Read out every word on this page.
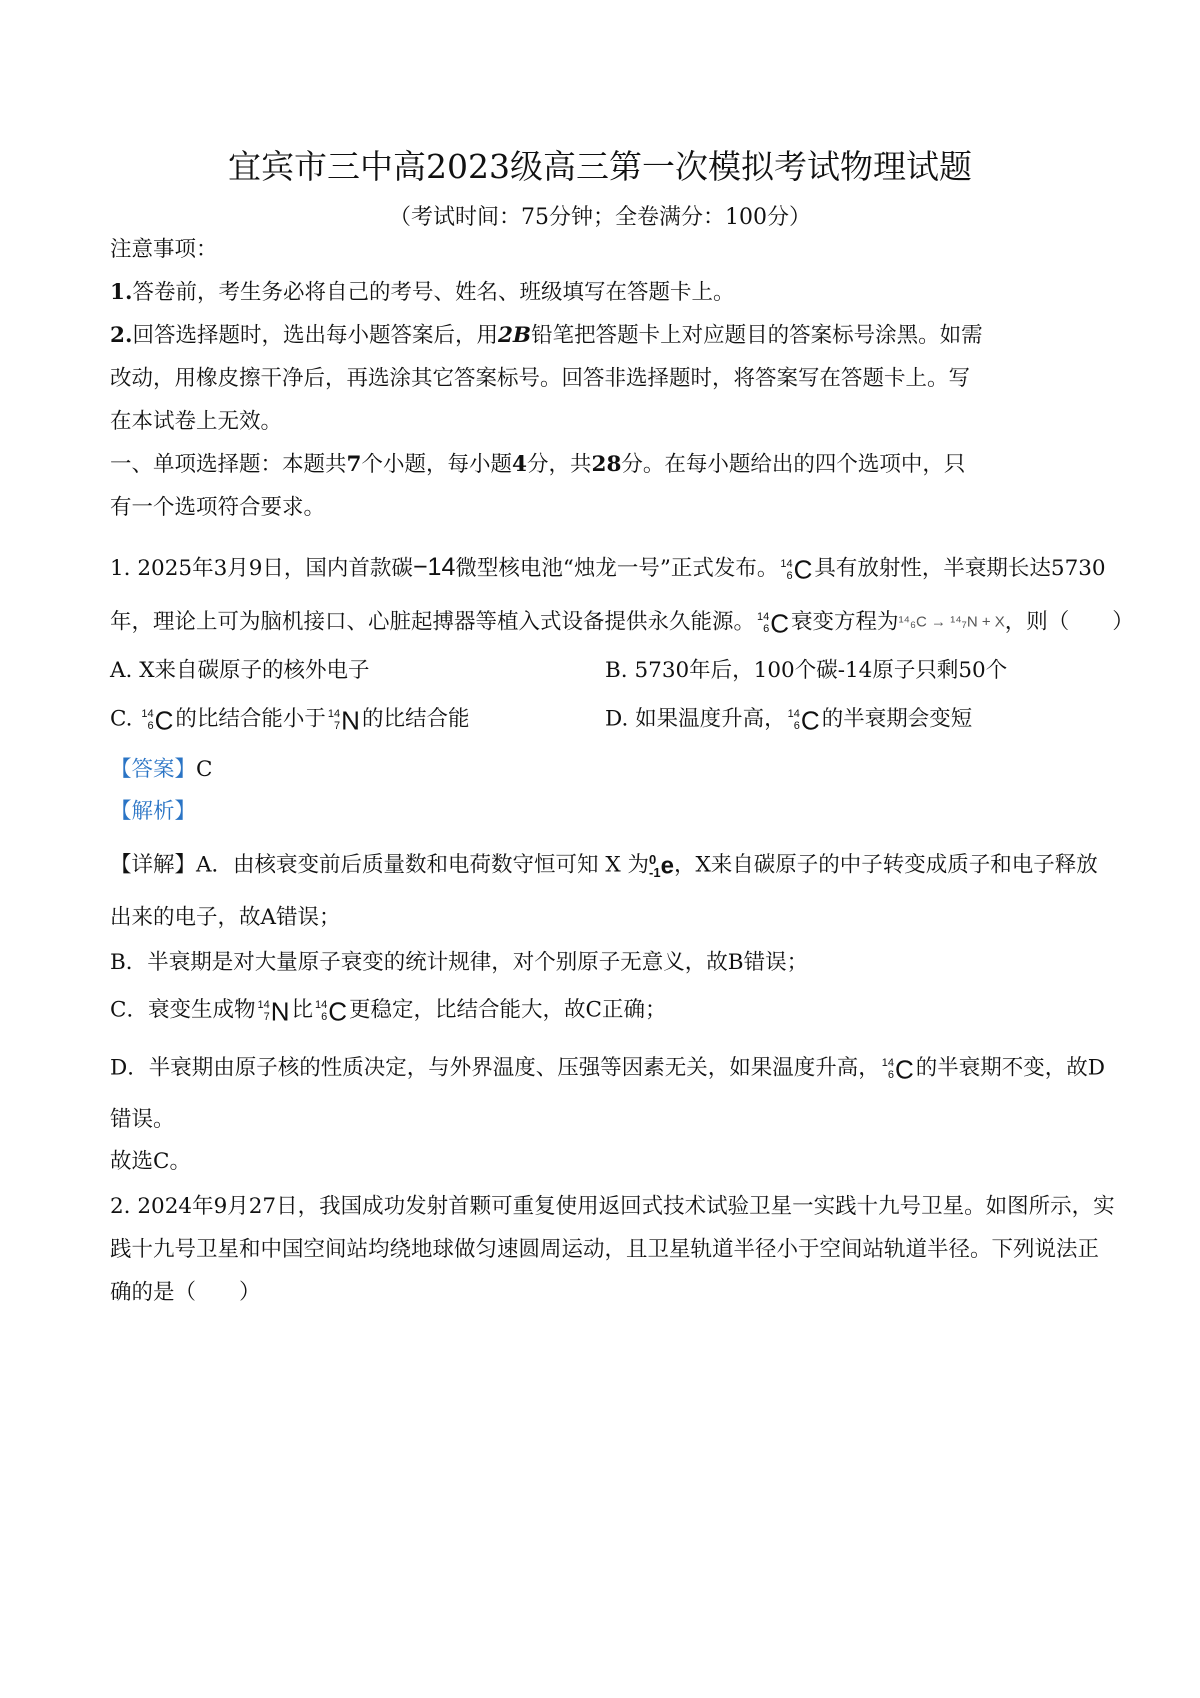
宜宾市三中高2023级高三第一次模拟考试物理试题
（考试时间：75分钟；全卷满分：100分）
注意事项：
1.答卷前，考生务必将自己的考号、姓名、班级填写在答题卡上。
2.回答选择题时，选出每小题答案后，用2B铅笔把答题卡上对应题目的答案标号涂黑。如需
改动，用橡皮擦干净后，再选涂其它答案标号。回答非选择题时，将答案写在答题卡上。写
在本试卷上无效。
一、单项选择题：本题共7个小题，每小题4分，共28分。在每小题给出的四个选项中，只
有一个选项符合要求。
1. 2025年3月9日，国内首款碳−14微型核电池“烛龙一号”正式发布。 14
6 C具有放射性，半衰期长达5730
年，理论上可为脑机接口、心脏起搏器等植入式设备提供永久能源。 14
6 C衰变方程为¹⁴₆C → ¹⁴₇N + X，则（　　）
A. X来自碳原子的核外电子	B. 5730年后，100个碳-14原子只剩50个
C. 14
6 C的比结合能小于 14
7 N的比结合能	D. 如果温度升高， 14
6 C的半衰期会变短
【答案】C
【解析】
【详解】A．由核衰变前后质量数和电荷数守恒可知 X 为 0
-1 e，X来自碳原子的中子转变成质子和电子释放
出来的电子，故A错误；
B．半衰期是对大量原子衰变的统计规律，对个别原子无意义，故B错误；
C．衰变生成物 14
7 N比 14
6 C更稳定，比结合能大，故C正确；
D．半衰期由原子核的性质决定，与外界温度、压强等因素无关，如果温度升高， 14
6 C的半衰期不变，故D
错误。
故选C。
2. 2024年9月27日，我国成功发射首颗可重复使用返回式技术试验卫星一实践十九号卫星。如图所示，实
践十九号卫星和中国空间站均绕地球做匀速圆周运动，且卫星轨道半径小于空间站轨道半径。下列说法正
确的是（　　）
